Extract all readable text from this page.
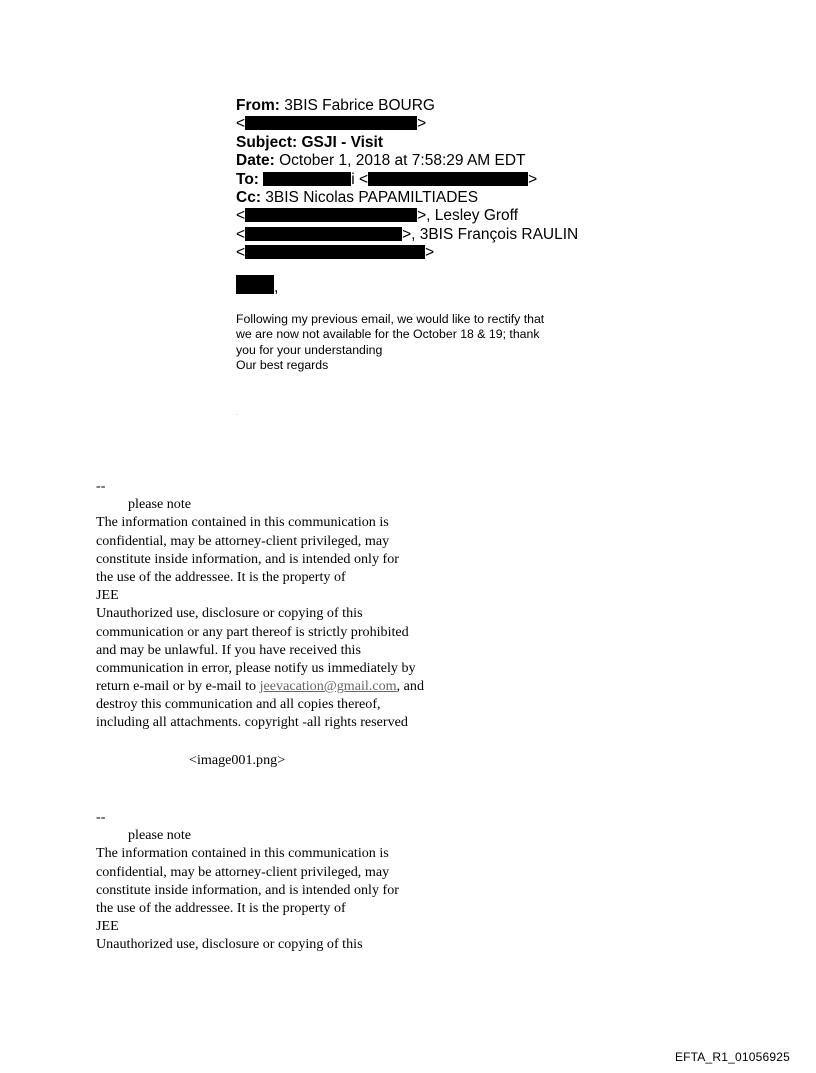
From: 3BIS Fabrice BOURG
<	>
Subject: GSJI - Visit
Date: October 1, 2018 at 7:58:29 AM EDT
To:	i <	>
Cc: 3BIS Nicolas PAPAMILTIADES
<	>, Lesley Groff
<	>, 3BIS François RAULIN
<	>
,

Following my previous email, we would like to rectify that

we are now not available for the October 18 & 19; thank

you for your understanding

Our best regards

--
please note
The information contained in this communication is
confidential, may be attorney-client privileged, may
constitute inside information, and is intended only for
the use of the addressee. It is the property of
JEE
Unauthorized use, disclosure or copying of this
communication or any part thereof is strictly prohibited
and may be unlawful. If you have received this
communication in error, please notify us immediately by
return e-mail or by e-mail to jeevacation@gmail.com, and
destroy this communication and all copies thereof,
including all attachments. copyright -all rights reserved
<image001.png>
--
please note
The information contained in this communication is
confidential, may be attorney-client privileged, may
constitute inside information, and is intended only for
the use of the addressee. It is the property of
JEE
Unauthorized use, disclosure or copying of this
EFTA_R1_01056925
